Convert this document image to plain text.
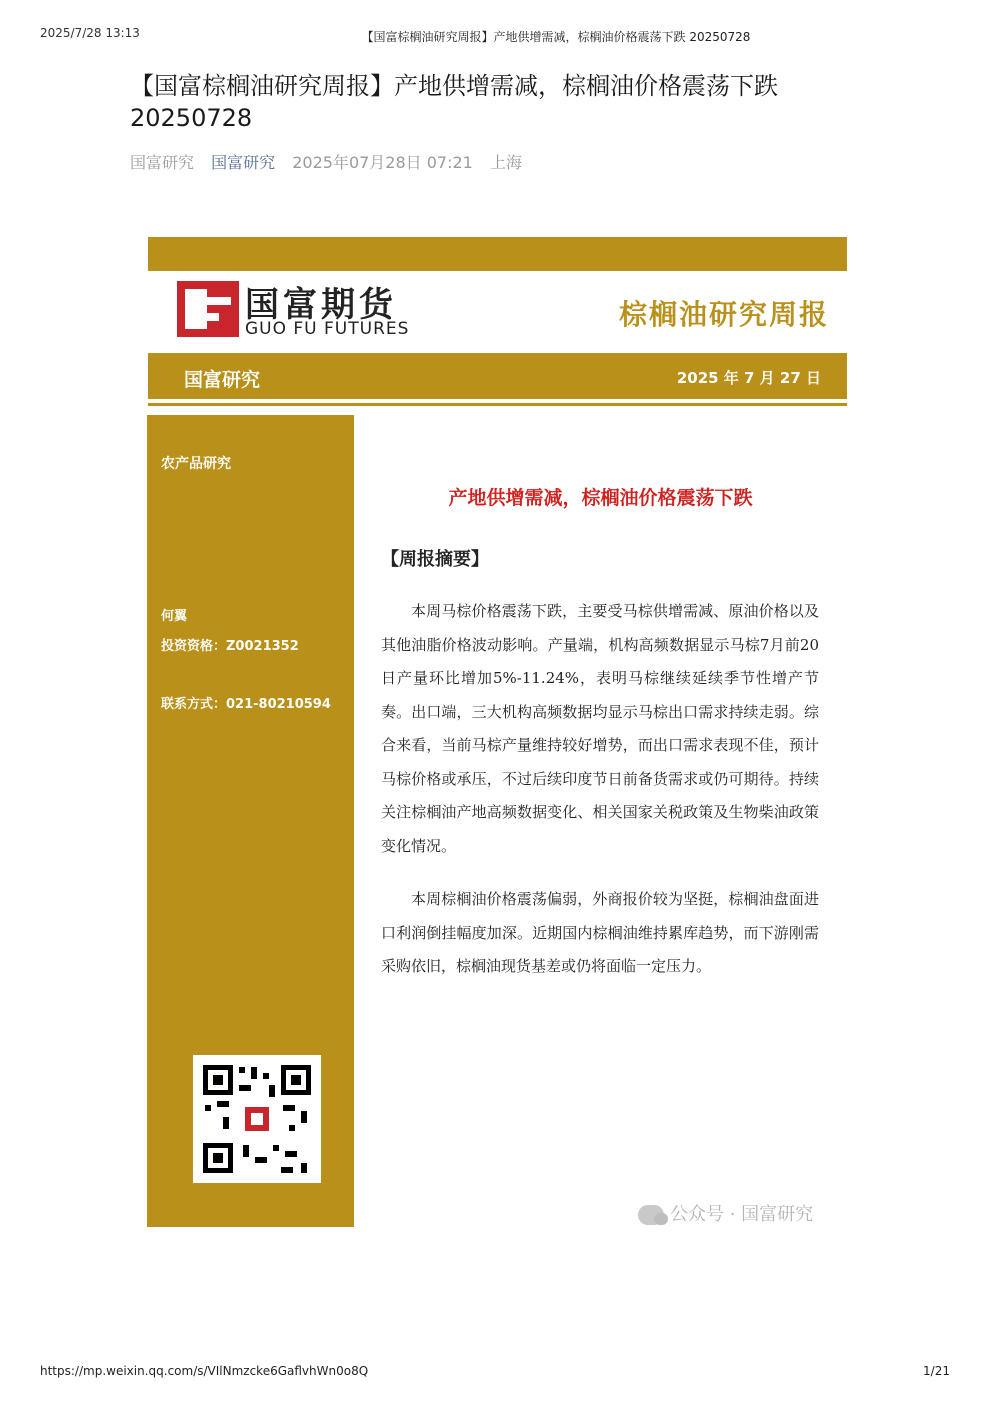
2025/7/28 13:13	【国富棕榈油研究周报】产地供增需减，棕榈油价格震荡下跌 20250728
【国富棕榈油研究周报】产地供增需减，棕榈油价格震荡下跌20250728
国富研究 国富研究 2025年07月28日 07:21 上海
国富期货
GUO FU FUTURES	棕榈油研究周报
国富研究	2025 年 7 月 27 日
农产品研究
何翼
投资资格：Z0021352
联系方式：021-80210594
产地供增需减，棕榈油价格震荡下跌
【周报摘要】
本周马棕价格震荡下跌，主要受马棕供增需减、原油价格以及其他油脂价格波动影响。产量端，机构高频数据显示马棕7月前20日产量环比增加5%-11.24%，表明马棕继续延续季节性增产节奏。出口端，三大机构高频数据均显示马棕出口需求持续走弱。综合来看，当前马棕产量维持较好增势，而出口需求表现不佳，预计马棕价格或承压，不过后续印度节日前备货需求或仍可期待。持续关注棕榈油产地高频数据变化、相关国家关税政策及生物柴油政策变化情况。
本周棕榈油价格震荡偏弱，外商报价较为坚挺，棕榈油盘面进口利润倒挂幅度加深。近期国内棕榈油维持累库趋势，而下游刚需采购依旧，棕榈油现货基差或仍将面临一定压力。
公众号 · 国富研究
https://mp.weixin.qq.com/s/VIlNmzcke6GaflvhWn0o8Q	1/21
